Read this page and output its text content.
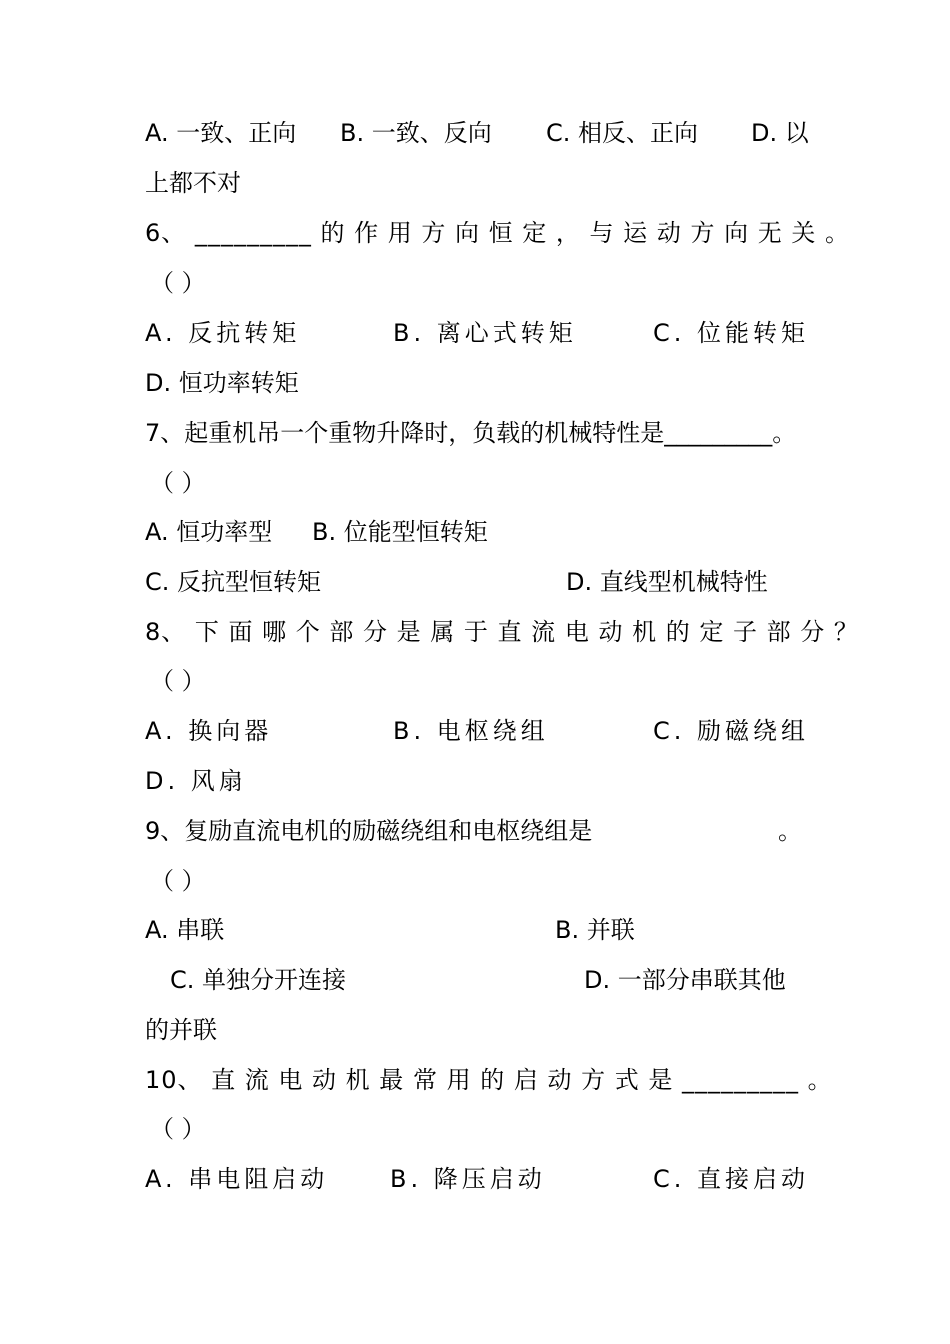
A. 一致、正向 B. 一致、反向 C. 相反、正向 D. 以
上都不对
6、 _________ 的 作 用 方 向 恒 定 ， 与 运 动 方 向 无 关 。
（ ）
A. 反抗转矩	B. 离心式转矩	C. 位能转矩
D. 恒功率转矩
7、起重机吊一个重物升降时，负载的机械特性是_________。
（ ）
A. 恒功率型 B. 位能型恒转矩
C. 反抗型恒转矩	D. 直线型机械特性
8、 下 面 哪 个 部 分 是 属 于 直 流 电 动 机 的 定 子 部 分 ？
（ ）
A. 换向器	B. 电枢绕组	C. 励磁绕组
D. 风扇
9、复励直流电机的励磁绕组和电枢绕组是	。
（ ）
A. 串联	B. 并联
C. 单独分开连接	D. 一部分串联其他
的并联
10、 直 流 电 动 机 最 常 用 的 启 动 方 式 是 _________ 。
（ ）
A. 串电阻启动	B. 降压启动	C. 直接启动
